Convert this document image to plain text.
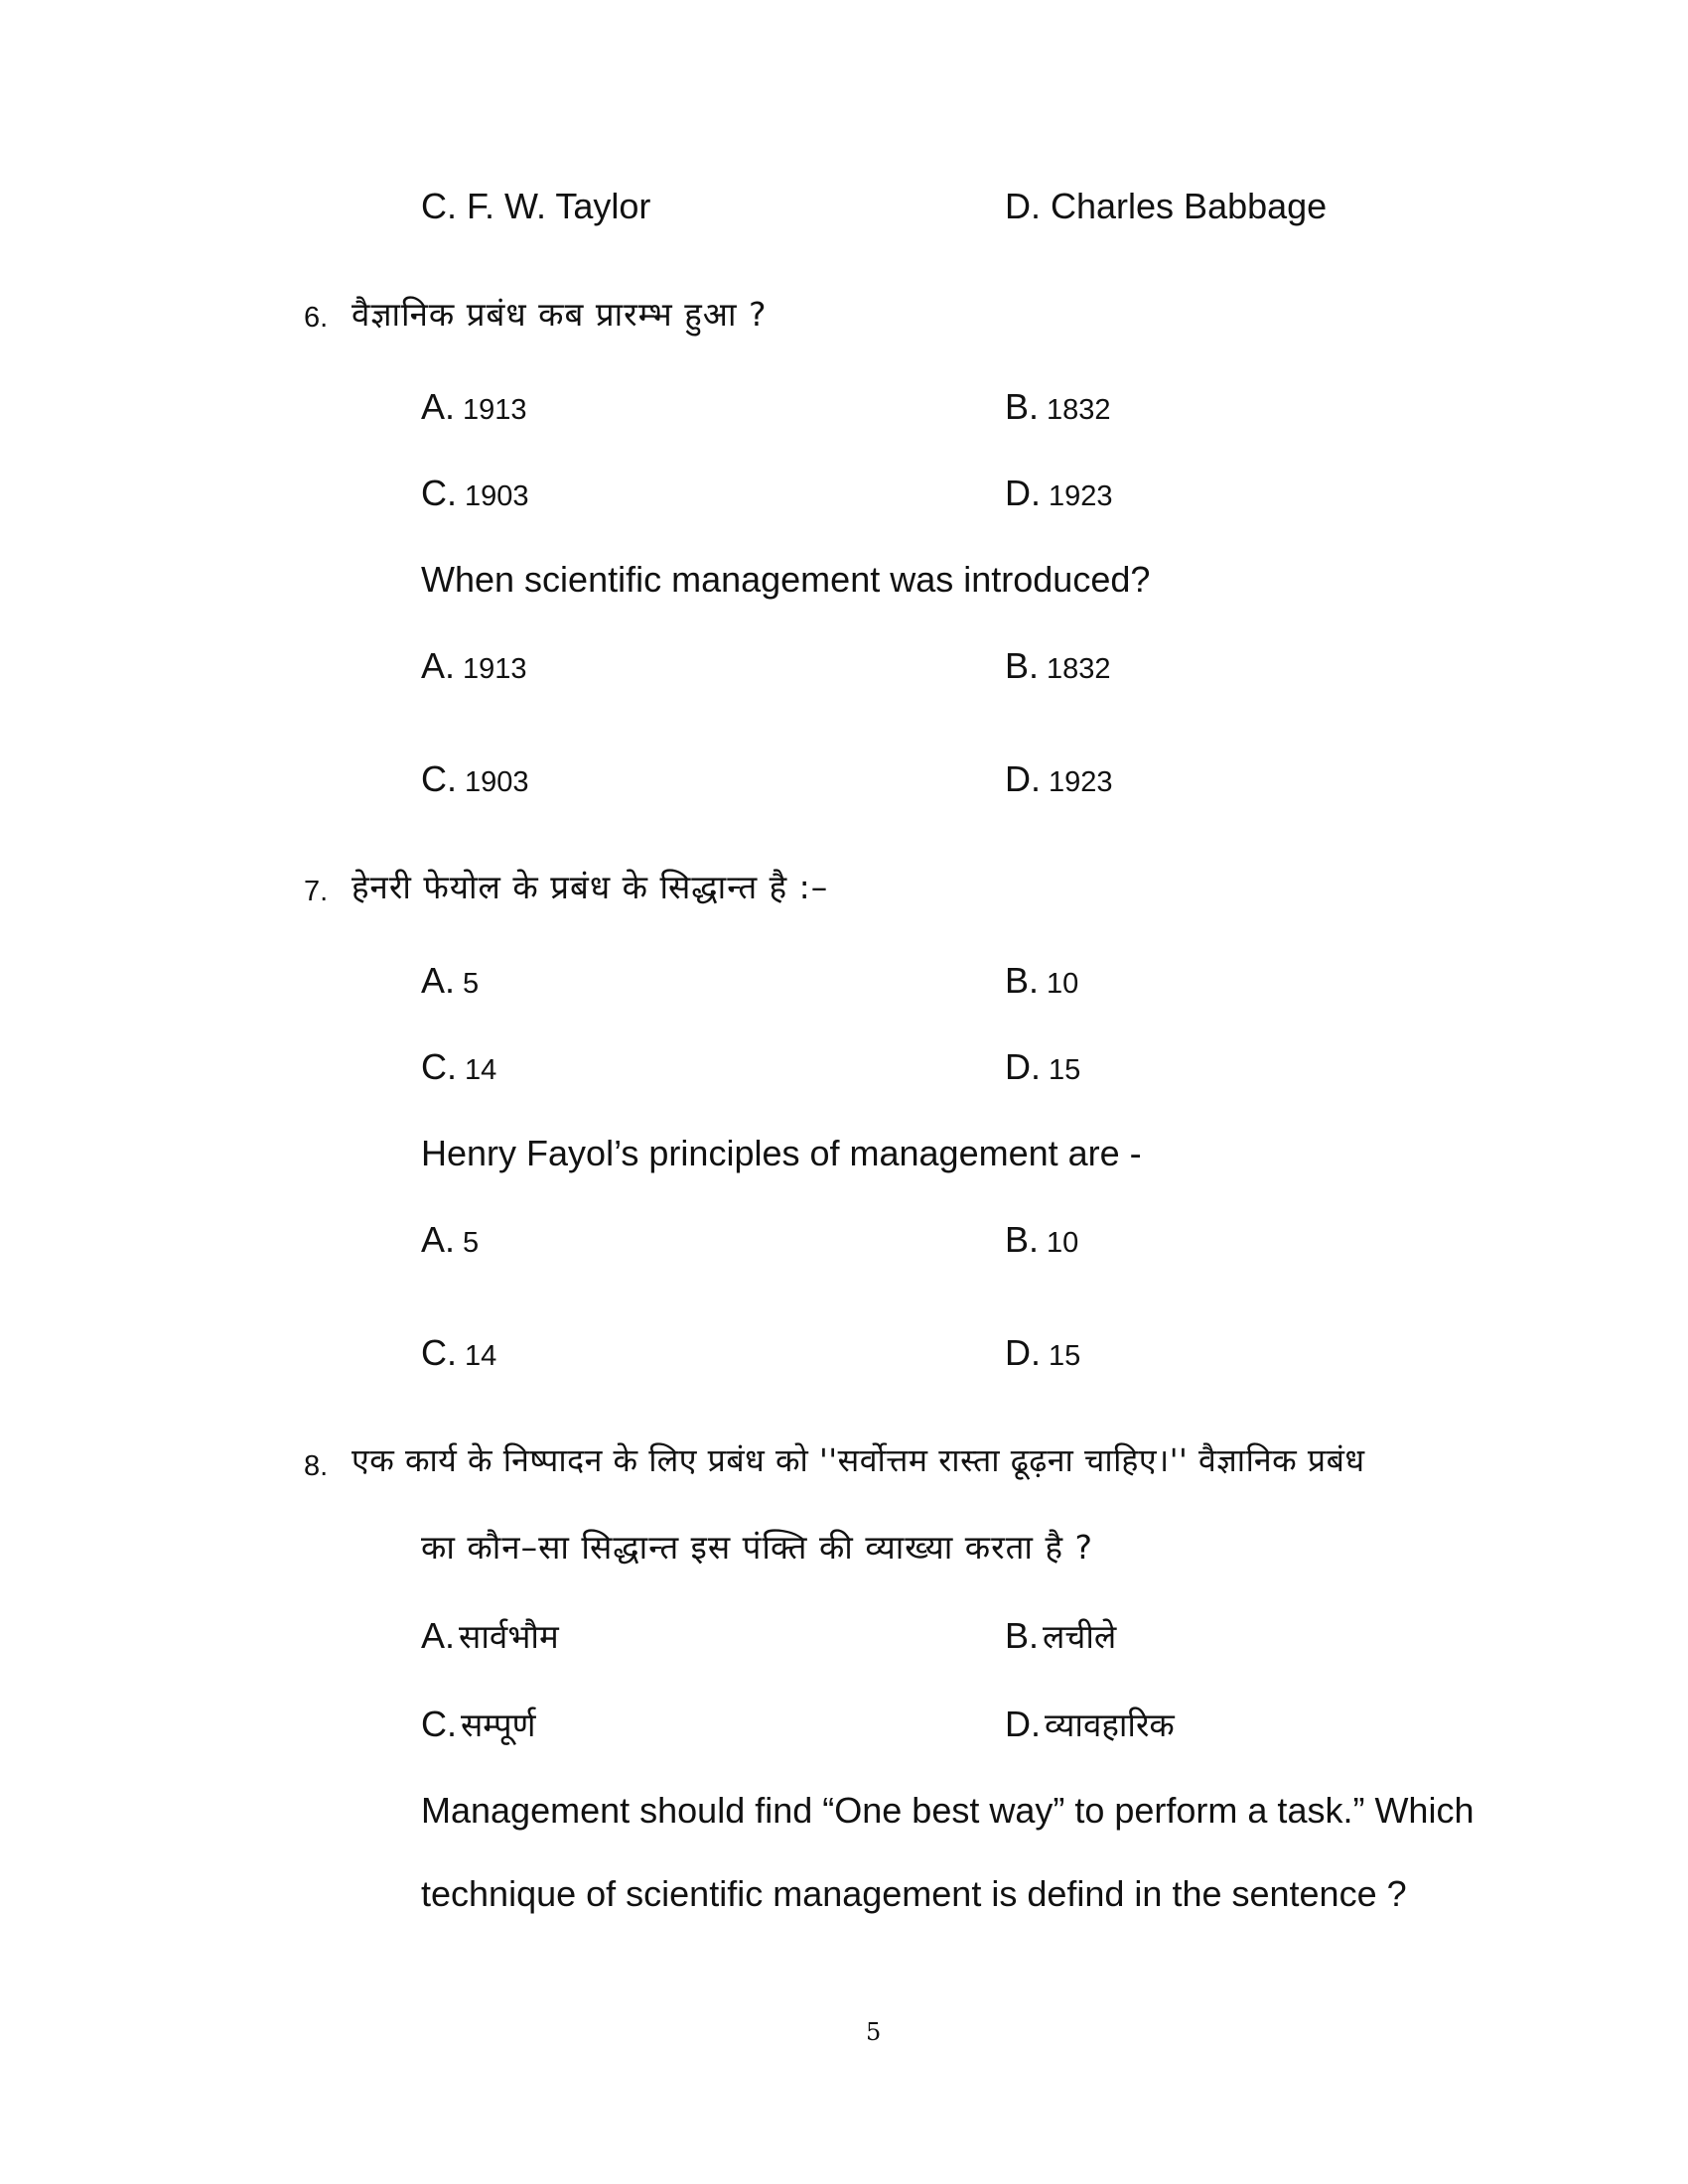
C. F. W. Taylor	D. Charles Babbage
6. वैज्ञानिक प्रबंध कब प्रारम्भ हुआ ?
A. 1913	B. 1832
C. 1903	D. 1923
When scientific management was introduced?
A. 1913	B. 1832
C. 1903	D. 1923
7. हेनरी फेयोल के प्रबंध के सिद्धान्त है :–
A. 5	B. 10
C. 14	D. 15
Henry Fayol’s principles of management are -
A. 5	B. 10
C. 14	D. 15
8. एक कार्य के निष्पादन के लिए प्रबंध को ''सर्वोत्तम रास्ता ढूढ़ना चाहिए।'' वैज्ञानिक प्रबंध
का कौन–सा सिद्धान्त इस पंक्ति की व्याख्या करता है ?
A. सार्वभौम	B. लचीले
C. सम्पूर्ण	D. व्यावहारिक
Management should find “One best way” to perform a task.” Which
technique of scientific management is defind in the sentence ?
5
